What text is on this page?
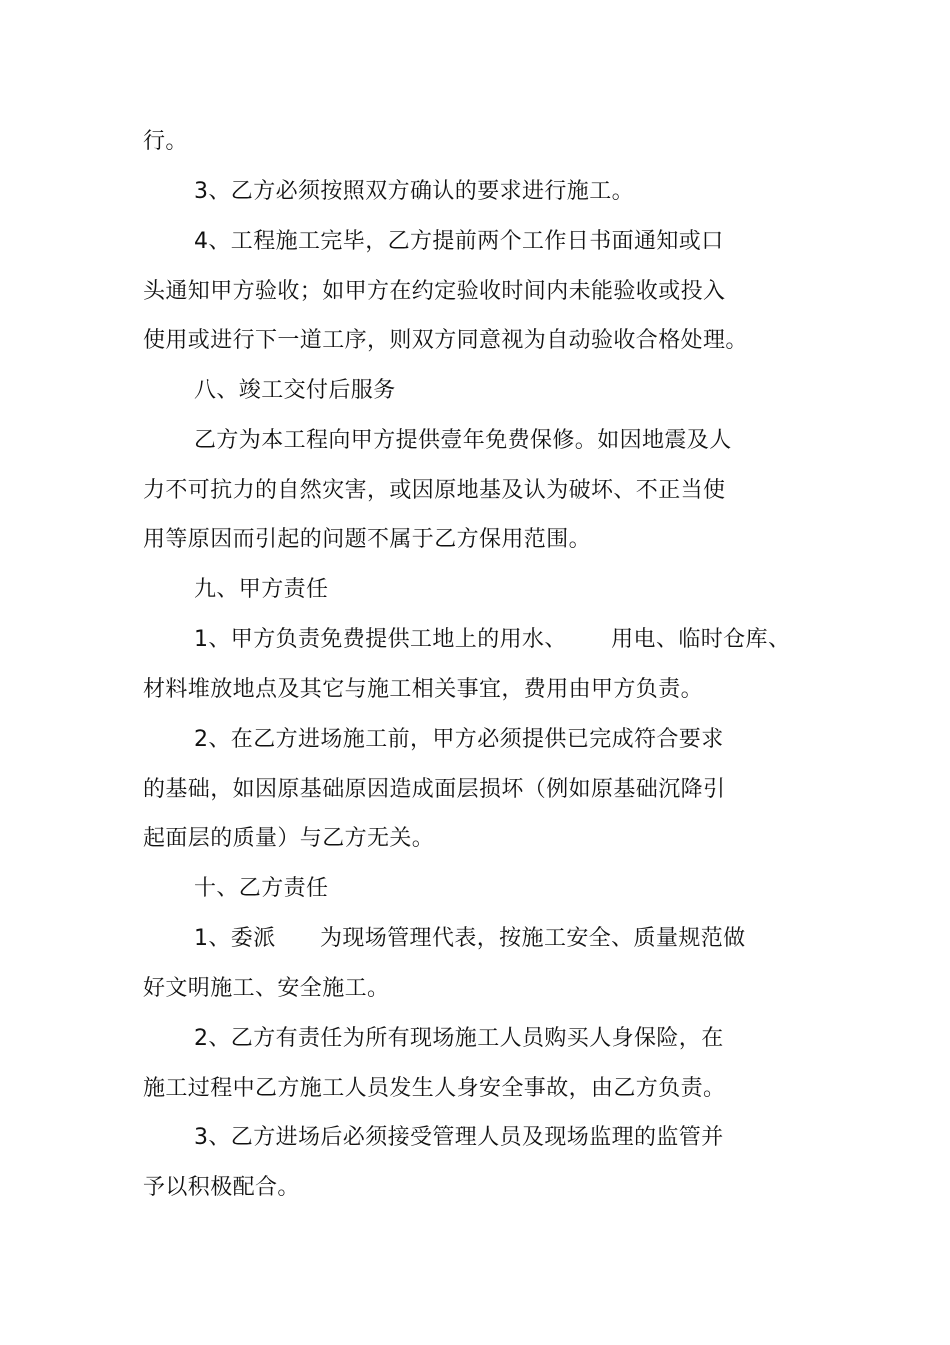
行。
3、乙方必须按照双方确认的要求进行施工。
4、工程施工完毕，乙方提前两个工作日书面通知或口
头通知甲方验收；如甲方在约定验收时间内未能验收或投入
使用或进行下一道工序，则双方同意视为自动验收合格处理。
八、竣工交付后服务
乙方为本工程向甲方提供壹年免费保修。如因地震及人
力不可抗力的自然灾害，或因原地基及认为破坏、不正当使
用等原因而引起的问题不属于乙方保用范围。
九、甲方责任
1、甲方负责免费提供工地上的用水、      用电、临时仓库、
材料堆放地点及其它与施工相关事宜，费用由甲方负责。
2、在乙方进场施工前，甲方必须提供已完成符合要求
的基础，如因原基础原因造成面层损坏（例如原基础沉降引
起面层的质量）与乙方无关。
十、乙方责任
1、委派      为现场管理代表，按施工安全、质量规范做
好文明施工、安全施工。
2、乙方有责任为所有现场施工人员购买人身保险，在
施工过程中乙方施工人员发生人身安全事故，由乙方负责。
3、乙方进场后必须接受管理人员及现场监理的监管并
予以积极配合。
